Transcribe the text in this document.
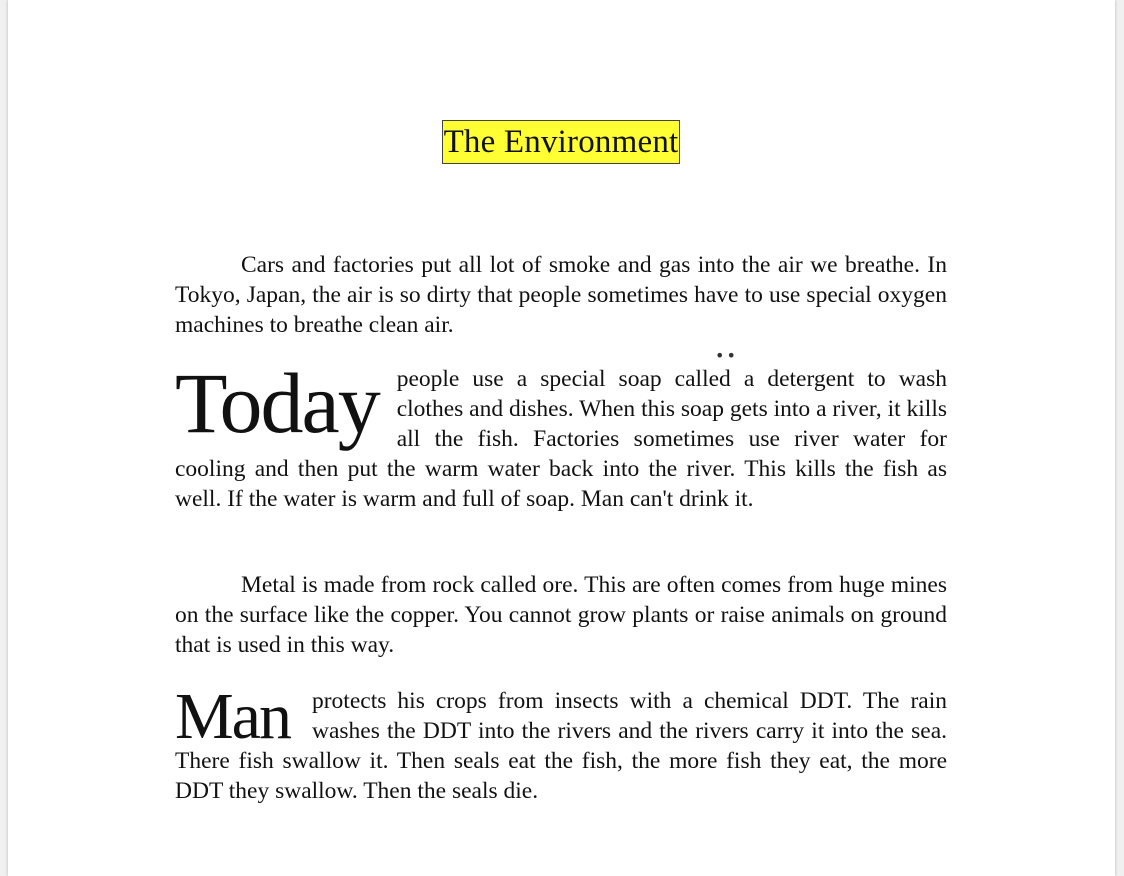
The Environment

Cars and factories put all lot of smoke and gas into the air we breathe. In Tokyo, Japan, the air is so dirty that people sometimes have to use special oxygen machines to breathe clean air.

••

Today people use a special soap called a detergent to wash clothes and dishes. When this soap gets into a river, it kills all the fish. Factories sometimes use river water for cooling and then put the warm water back into the river. This kills the fish as well. If the water is warm and full of soap. Man can't drink it.

Metal is made from rock called ore. This are often comes from huge mines on the surface like the copper. You cannot grow plants or raise animals on ground that is used in this way.

Man protects his crops from insects with a chemical DDT. The rain washes the DDT into the rivers and the rivers carry it into the sea. There fish swallow it. Then seals eat the fish, the more fish they eat, the more DDT they swallow. Then the seals die.
